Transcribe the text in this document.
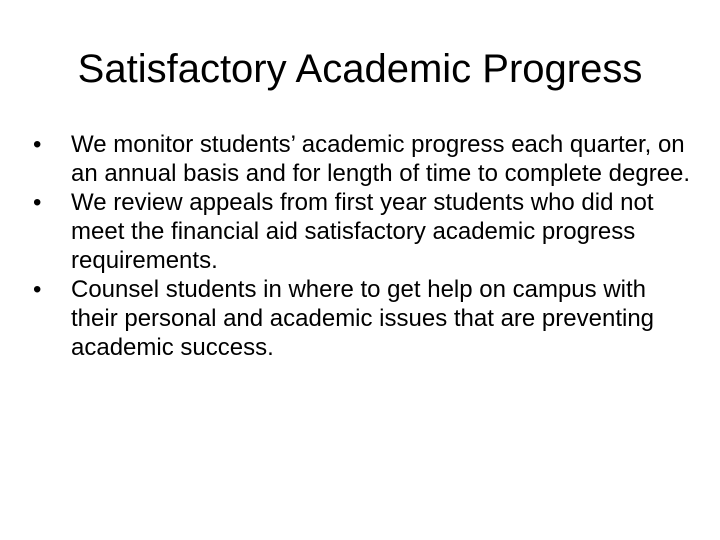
Satisfactory Academic Progress
•	We monitor students’ academic progress each quarter, on an annual basis and for length of time to complete degree.
•	We review appeals from first year students who did not meet the financial aid satisfactory academic progress requirements.
•	Counsel students in where to get help on campus with their personal and academic issues that are preventing academic success.
